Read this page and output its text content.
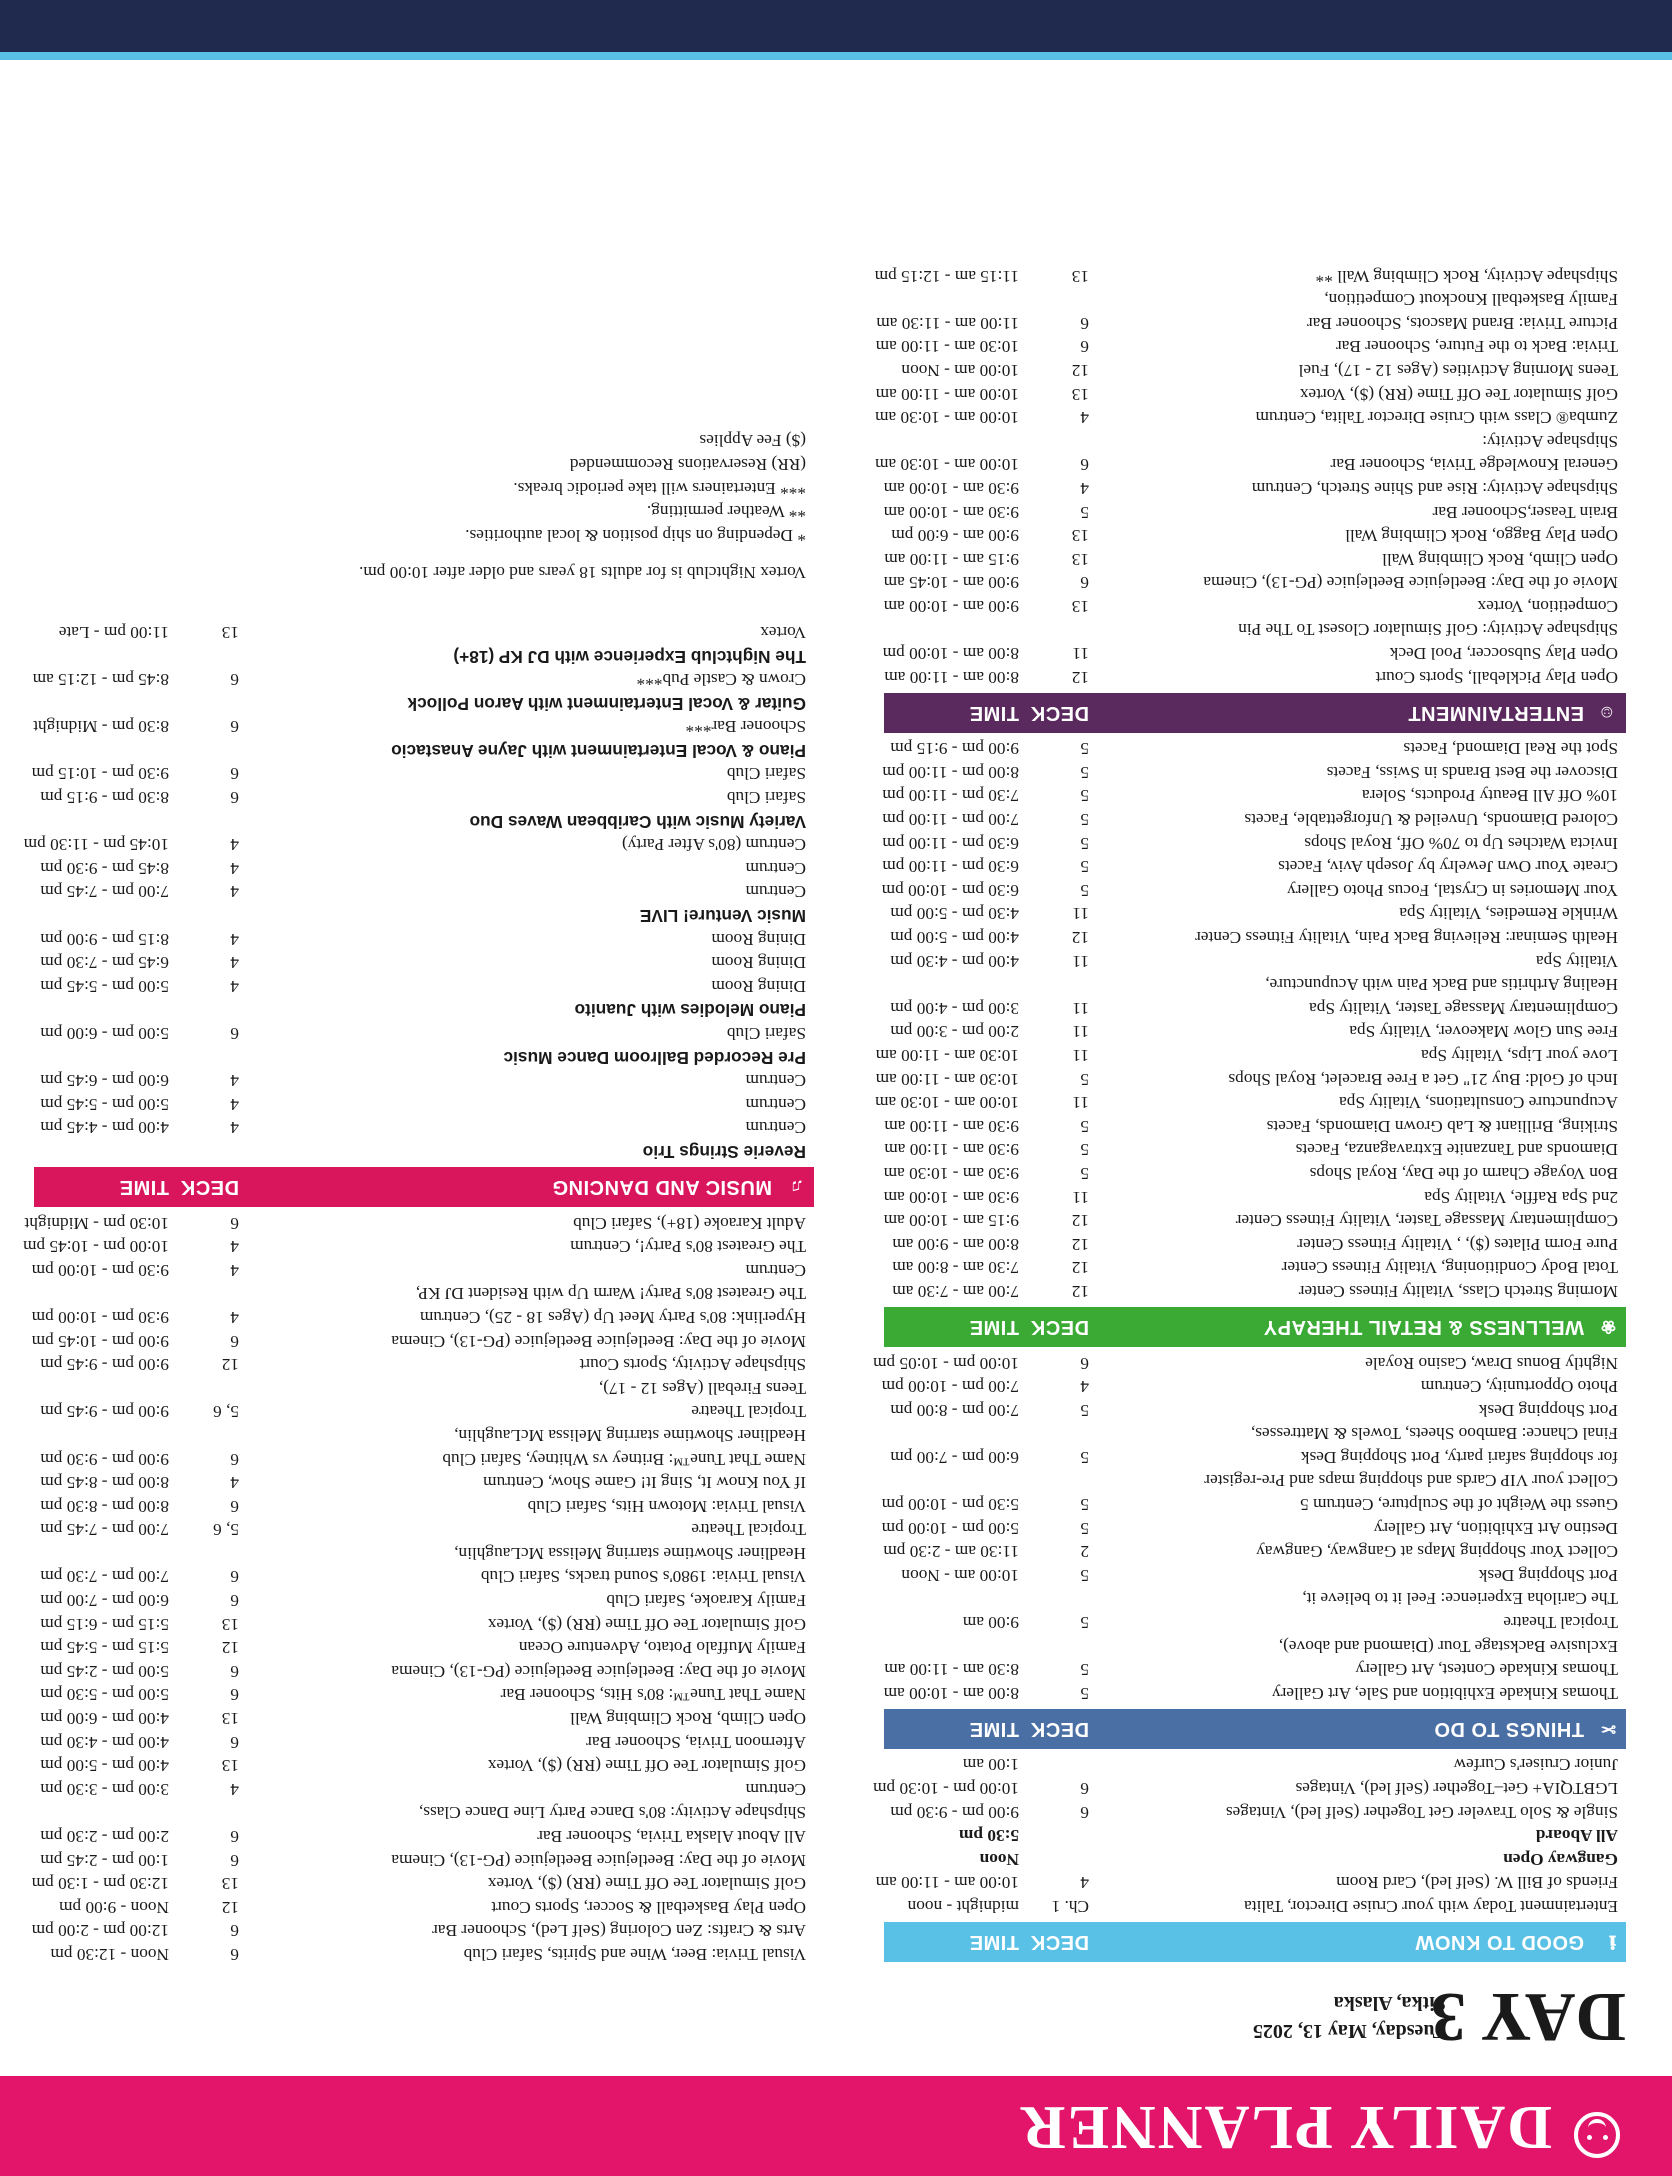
DAILY PLANNER
DAY 3
Tuesday, May 13, 2025
Sitka, Alaska
ℹ
GOOD TO KNOW
DECK
TIME
Entertainment Today with your Cruise Director, Talita
Ch. 1
midnight - noon
Friends of Bill W. (Self led), Card Room
4
10:00 am - 11:00 am
Gangway Open
Noon
All Aboard
5:30 pm
Single & Solo Traveler Get Together (Self led), Vintages
6
9:00 pm - 9:30 pm
LGBTQIA+ Get–Together (Self led), Vintages
6
10:00 pm - 10:30 pm
Junior Cruiser's Curfew
1:00 am
✂
THINGS TO DO
DECK
TIME
Thomas Kinkade Exhibition and Sale, Art Gallery
5
8:00 am - 10:00 am
Thomas Kinkade Contest, Art Gallery
5
8:30 am - 11:00 am
Exclusive Backstage Tour (Diamond and above),
Tropical Theatre
5
9:00 am
The Cariloha Experience: Feel it to believe it,
Port Shopping Desk
5
10:00 am - Noon
Collect Your Shopping Maps at Gangway, Gangway
2
11:30 am - 2:30 pm
Destino Art Exhibition, Art Gallery
5
5:00 pm - 10:00 pm
Guess the Weight of the Sculpture, Centrum 5
5
5:30 pm - 10:00 pm
Collect your VIP Cards and shopping maps and Pre-register
for shopping safari party, Port Shopping Desk
5
6:00 pm - 7:00 pm
Final Chance: Bamboo Sheets, Towels & Mattresses,
Port Shopping Desk
5
7:00 pm - 8:00 pm
Photo Opportunity, Centrum
4
7:00 pm - 10:00 pm
Nightly Bonus Draw, Casino Royale
6
10:00 pm - 10:05 pm
❀
WELLNESS & RETAIL THERAPY
DECK
TIME
Morning Stretch Class, Vitality Fitness Center
12
7:00 am - 7:30 am
Total Body Conditioning, Vitality Fitness Center
12
7:30 am - 8:00 am
Pure Form Pilates ($), , Vitality Fitness Center
12
8:00 am - 9:00 am
Complimentary Massage Taster, Vitality Fitness Center
12
9:15 am - 10:00 am
2nd Spa Raffle, Vitality Spa
11
9:30 am - 10:00 am
Bon Voyage Charm of the Day, Royal Shops
5
9:30 am - 10:30 am
Diamonds and Tanzanite Extravaganza, Facets
5
9:30 am - 11:00 am
Striking, Brilliant & Lab Grown Diamonds, Facets
5
9:30 am - 11:00 am
Acupuncture Consultations, Vitality Spa
11
10:00 am - 10:30 am
Inch of Gold: Buy 21" Get a Free Bracelet, Royal Shops
5
10:30 am - 11:00 am
Love your Lips, Vitality Spa
11
10:30 am - 11:00 am
Free Sun Glow Makeover, Vitality Spa
11
2:00 pm - 3:00 pm
Complimentary Massage Taster, Vitality Spa
11
3:00 pm - 4:00 pm
Healing Arthritis and Back Pain with Acupuncture,
Vitality Spa
11
4:00 pm - 4:30 pm
Health Seminar: Relieving Back Pain, Vitality Fitness Center
12
4:00 pm - 5:00 pm
Wrinkle Remedies, Vitality Spa
11
4:30 pm - 5:00 pm
Your Memories in Crystal, Focus Photo Gallery
5
6:30 pm - 10:00 pm
Create Your Own Jewelry by Joseph Aviv, Facets
5
6:30 pm - 11:00 pm
Invicta Watches Up to 70% Off, Royal Shops
5
6:30 pm - 11:00 pm
Colored Diamonds, Unveiled & Unforgettable, Facets
5
7:00 pm - 11:00 pm
10% Off All Beauty Products, Solera
5
7:30 pm - 11:00 pm
Discover the Best Brands in Swiss, Facets
5
8:00 pm - 11:00 pm
Spot the Real Diamond, Facets
5
9:00 pm - 9:15 pm
☺
ENTERTAINMENT
DECK
TIME
Open Play Pickleball, Sports Court
12
8:00 am - 11:00 am
Open Play Subsoccer, Pool Deck
11
8:00 am - 10:00 pm
Shipshape Activity: Golf Simulator Closest To The Pin
Competition, Vortex
13
9:00 am - 10:00 am
Movie of the Day: Beetlejuice Beetlejuice (PG-13), Cinema
6
9:00 am - 10:45 am
Open Climb, Rock Climbing Wall
13
9:15 am - 11:00 am
Open Play Baggo, Rock Climbing Wall
13
9:00 am - 6:00 pm
Brain Teaser,Schooner Bar
5
9:30 am - 10:00 am
Shipshape Activity: Rise and Shine Stretch, Centrum
4
9:30 am - 10:00 am
General Knowledge Trivia, Schooner Bar
6
10:00 am - 10:30 am
Shipshape Activity:
Zumba® Class with Cruise Director Talita, Centrum
4
10:00 am - 10:30 am
Golf Simulator Tee Off Time (RR) ($), Vortex
13
10:00 am - 11:00 am
Teens Morning Activities (Ages 12 - 17), Fuel
12
10:00 am - Noon
Trivia: Back to the Future, Schooner Bar
6
10:30 am - 11:00 am
Picture Trivia: Brand Mascots, Schooner Bar
6
11:00 am - 11:30 am
Family Basketball Knockout Competition,
Shipshape Activity, Rock Climbing Wall **
13
11:15 am - 12:15 pm
Visual Trivia: Beer, Wine and Spirits, Safari Club
6
Noon - 12:30 pm
Arts & Crafts: Zen Coloring (Self Led), Schooner Bar
6
12:00 pm - 2:00 pm
Open Play Basketball & Soccer, Sports Court
12
Noon - 9:00 pm
Golf Simulator Tee Off Time (RR) ($), Vortex
13
12:30 pm - 1:30 pm
Movie of the Day: Beetlejuice Beetlejuice (PG-13), Cinema
6
1:00 pm - 2:45 pm
All About Alaska Trivia, Schooner Bar
6
2:00 pm - 2:30 pm
Shipshape Activity: 80's Dance Party Line Dance Class,
Centrum
4
3:00 pm - 3:30 pm
Golf Simulator Tee Off Time (RR) ($), Vortex
13
4:00 pm - 5:00 pm
Afternoon Trivia, Schooner Bar
6
4:00 pm - 4:30 pm
Open Climb, Rock Climbing Wall
13
4:00 pm - 6:00 pm
Name That Tune™: 80's Hits, Schooner Bar
6
5:00 pm - 5:30 pm
Movie of the Day: Beetlejuice Beetlejuice (PG-13), Cinema
6
5:00 pm - 2:45 pm
Family Muffalo Potato, Adventure Ocean
12
5:15 pm - 5:45 pm
Golf Simulator Tee Off Time (RR) ($), Vortex
13
5:15 pm - 6:15 pm
Family Karaoke, Safari Club
6
6:00 pm - 7:00 pm
Visual Trivia: 1980's Sound tracks, Safari Club
6
7:00 pm - 7:30 pm
Headliner Showtime starring Melissa McLaughlin,
Tropical Theatre
5, 6
7:00 pm - 7:45 pm
Visual Trivia: Motown Hits, Safari Club
6
8:00 pm - 8:30 pm
If You Know It, Sing It! Game Show, Centrum
4
8:00 pm - 8:45 pm
Name That Tune™: Britney vs Whitney, Safari Club
6
9:00 pm - 9:30 pm
Headliner Showtime starring Melissa McLaughlin,
Tropical Theatre
5, 6
9:00 pm - 9:45 pm
Teens Fireball (Ages 12 - 17),
Shipshape Activity, Sports Court
12
9:00 pm - 9:45 pm
Movie of the Day: Beetlejuice Beetlejuice (PG-13), Cinema
6
9:00 pm - 10:45 pm
Hyperlink: 80's Party Meet Up (Ages 18 - 25), Centrum
4
9:30 pm - 10:00 pm
The Greatest 80's Party! Warm Up with Resident DJ KP,
Centrum
4
9:30 pm - 10:00 pm
The Greatest 80's Party!, Centrum
4
10:00 pm - 10:45 pm
Adult Karaoke (18+), Safari Club
6
10:30 pm - Midnight
♫
MUSIC AND DANCING
DECK
TIME
Reverie Strings Trio
Centrum
4
4:00 pm - 4:45 pm
Centrum
4
5:00 pm - 5:45 pm
Centrum
4
6:00 pm - 6:45 pm
Pre Recorded Ballroom Dance Music
Safari Club
6
5:00 pm - 6:00 pm
Piano Melodies with Juanito
Dining Room
4
5:00 pm - 5:45 pm
Dining Room
4
6:45 pm - 7:30 pm
Dining Room
4
8:15 pm - 9:00 pm
Music Venture! LIVE
Centrum
4
7:00 pm - 7:45 pm
Centrum
4
8:45 pm - 9:30 pm
Centrum (80's After Party)
4
10:45 pm - 11:30 pm
Variety Music with Caribbean Waves Duo
Safari Club
6
8:30 pm - 9:15 pm
Safari Club
6
9:30 pm - 10:15 pm
Piano & Vocal Entertainment with Jayne Anastacio
Schooner Bar***
6
8:30 pm - Midnight
Guitar & Vocal Entertainment with Aaron Pollock
Crown & Castle Pub***
6
8:45 pm - 12:15 am
The Nightclub Experience with DJ KP (18+)
Vortex
13
11:00 pm - Late
Vortex Nightclub is for adults 18 years and older after 10:00 pm.
* Depending on ship position & local authorities.
** Weather permitting.
*** Entertainers will take periodic breaks.
(RR) Reservations Recommended
($) Fee Applies
